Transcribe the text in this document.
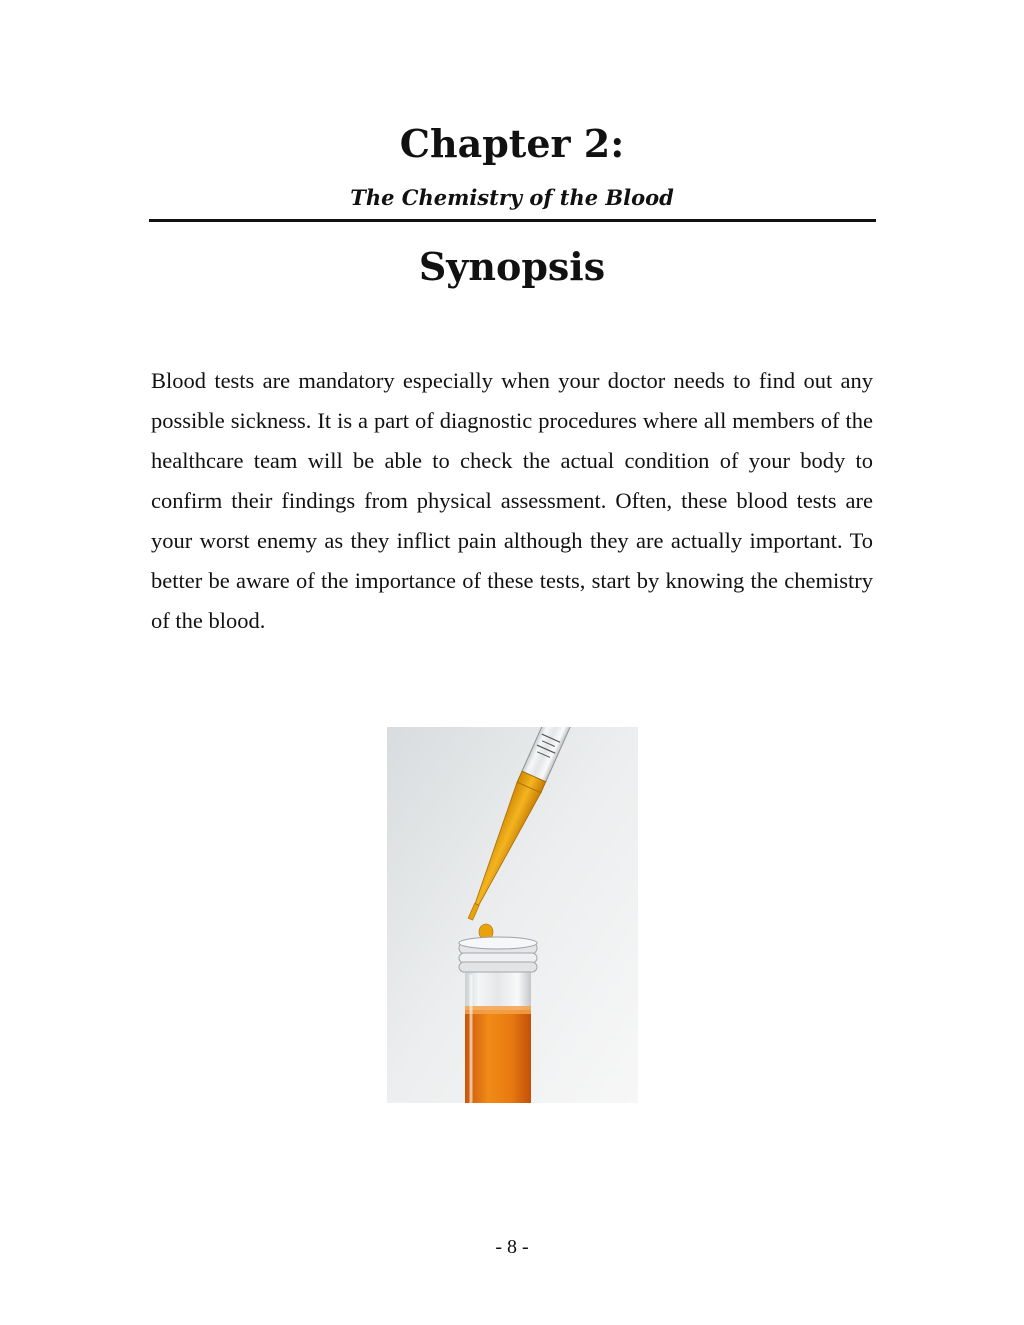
Chapter 2:
The Chemistry of the Blood
Synopsis

Blood tests are mandatory especially when your doctor needs to find out any possible sickness. It is a part of diagnostic procedures where all members of the healthcare team will be able to check the actual condition of your body to confirm their findings from physical assessment. Often, these blood tests are your worst enemy as they inflict pain although they are actually important. To better be aware of the importance of these tests, start by knowing the chemistry of the blood.

- 8 -
